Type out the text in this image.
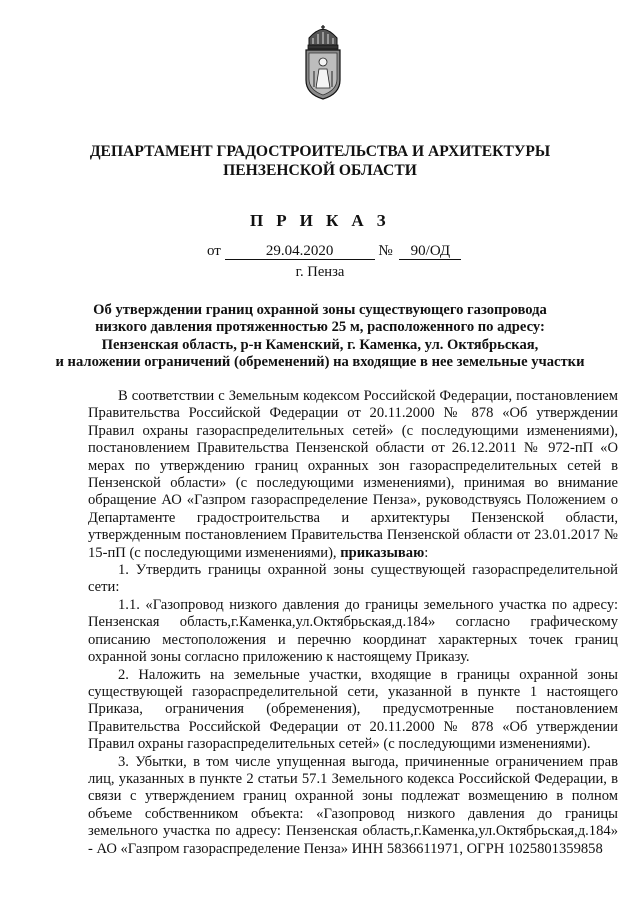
ДЕПАРТАМЕНТ ГРАДОСТРОИТЕЛЬСТВА И АРХИТЕКТУРЫ
ПЕНЗЕНСКОЙ ОБЛАСТИ
П Р И К А З
от	29.04.2020	№ 90/ОД
г. Пенза
Об утверждении границ охранной зоны существующего газопровода
низкого давления протяженностью 25 м, расположенного по адресу:
Пензенская область, р-н Каменский, г. Каменка, ул. Октябрьская,
и наложении ограничений (обременений) на входящие в нее земельные участки

В соответствии с Земельным кодексом Российской Федерации, постановлением Правительства Российской Федерации от 20.11.2000 № 878 «Об утверждении Правил охраны газораспределительных сетей» (с последующими изменениями), постановлением Правительства Пензенской области от 26.12.2011 № 972-пП «О мерах по утверждению границ охранных зон газораспределительных сетей в Пензенской области» (с последующими изменениями), принимая во внимание обращение АО «Газпром газораспределение Пенза», руководствуясь Положением о Департаменте градостроительства и архитектуры Пензенской области, утвержденным постановлением Правительства Пензенской области от 23.01.2017 № 15-пП (с последующими изменениями), приказываю:

1. Утвердить границы охранной зоны существующей газораспределительной сети:

1.1. «Газопровод низкого давления до границы земельного участка по адресу: Пензенская область,г.Каменка,ул.Октябрьская,д.184» согласно графическому описанию местоположения и перечню координат характерных точек границ охранной зоны согласно приложению к настоящему Приказу.

2. Наложить на земельные участки, входящие в границы охранной зоны существующей газораспределительной сети, указанной в пункте 1 настоящего Приказа, ограничения (обременения), предусмотренные постановлением Правительства Российской Федерации от 20.11.2000 № 878 «Об утверждении Правил охраны газораспределительных сетей» (с последующими изменениями).

3. Убытки, в том числе упущенная выгода, причиненные ограничением прав лиц, указанных в пункте 2 статьи 57.1 Земельного кодекса Российской Федерации, в связи с утверждением границ охранной зоны подлежат возмещению в полном объеме собственником объекта: «Газопровод низкого давления до границы земельного участка по адресу: Пензенская область,г.Каменка,ул.Октябрьская,д.184» - АО «Газпром газораспределение Пенза» ИНН 5836611971, ОГРН 1025801359858
